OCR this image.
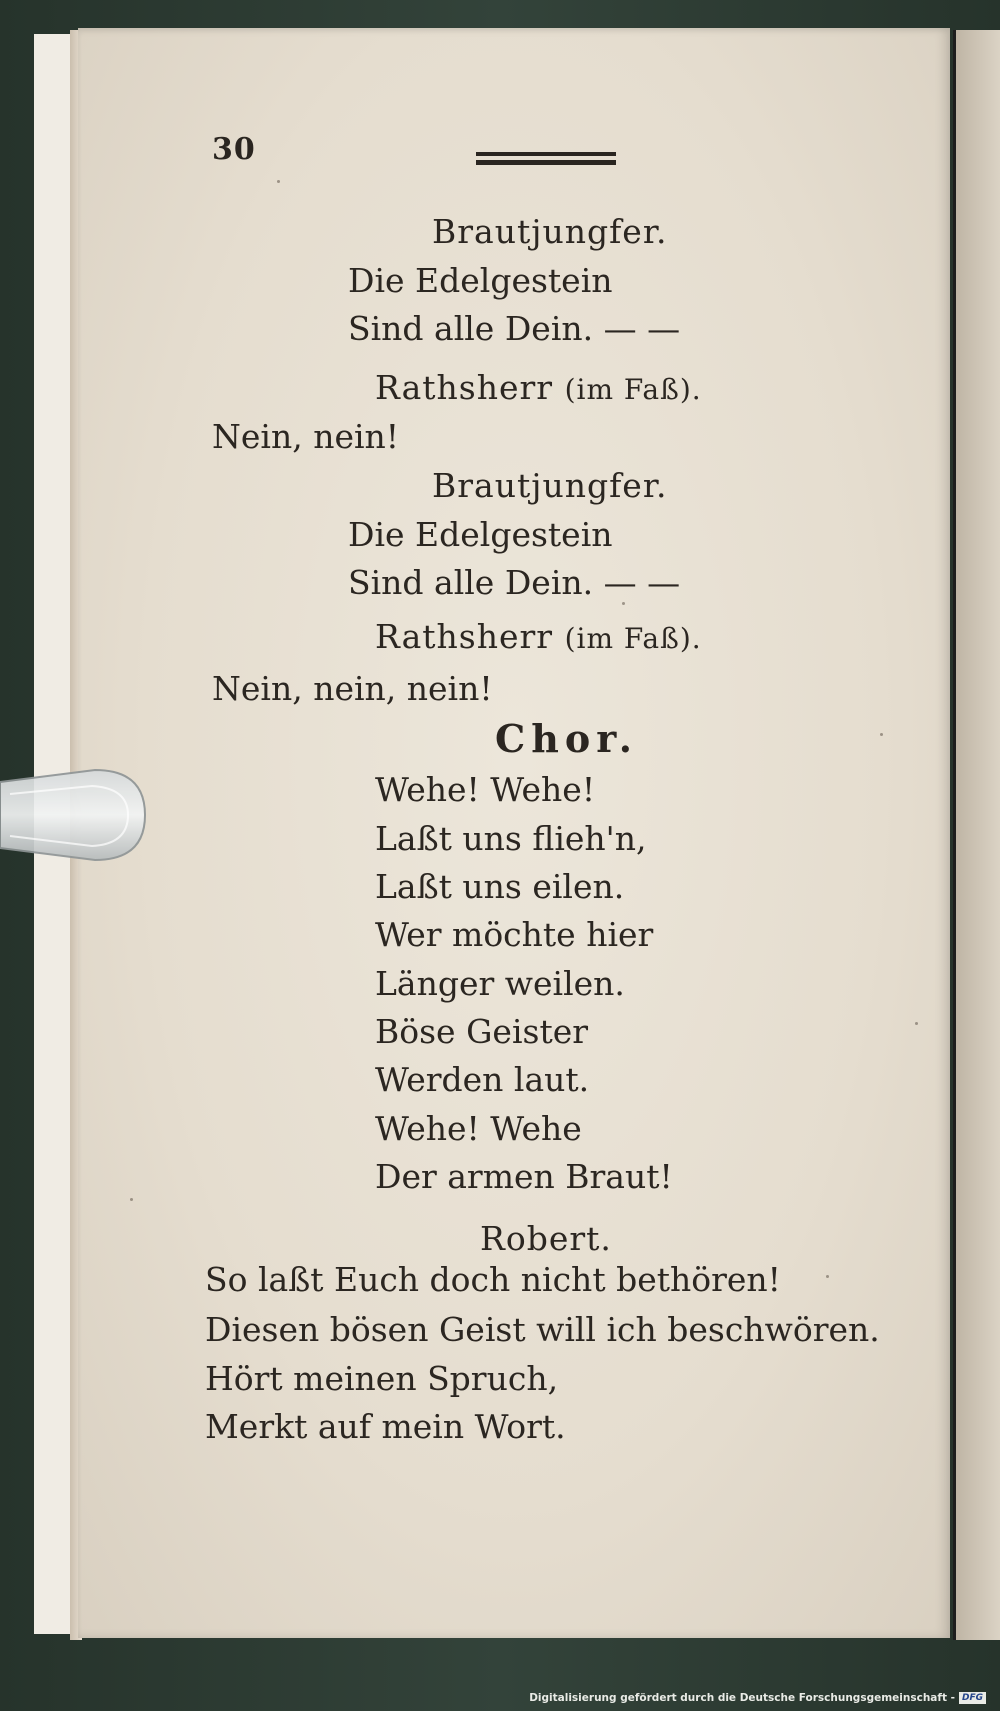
30
Brautjungfer.
Die Edelgestein
Sind alle Dein. — —
Rathsherr (im Faß).
Nein, nein!
Brautjungfer.
Die Edelgestein
Sind alle Dein. — —
Rathsherr (im Faß).
Nein, nein, nein!
Chor.
Wehe! Wehe!
Laßt uns flieh'n,
Laßt uns eilen.
Wer möchte hier
Länger weilen.
Böse Geister
Werden laut.
Wehe! Wehe
Der armen Braut!
Robert.
So laßt Euch doch nicht bethören!
Diesen bösen Geist will ich beschwören.
Hört meinen Spruch,
Merkt auf mein Wort.
Digitalisierung gefördert durch die Deutsche Forschungsgemeinschaft - DFG
